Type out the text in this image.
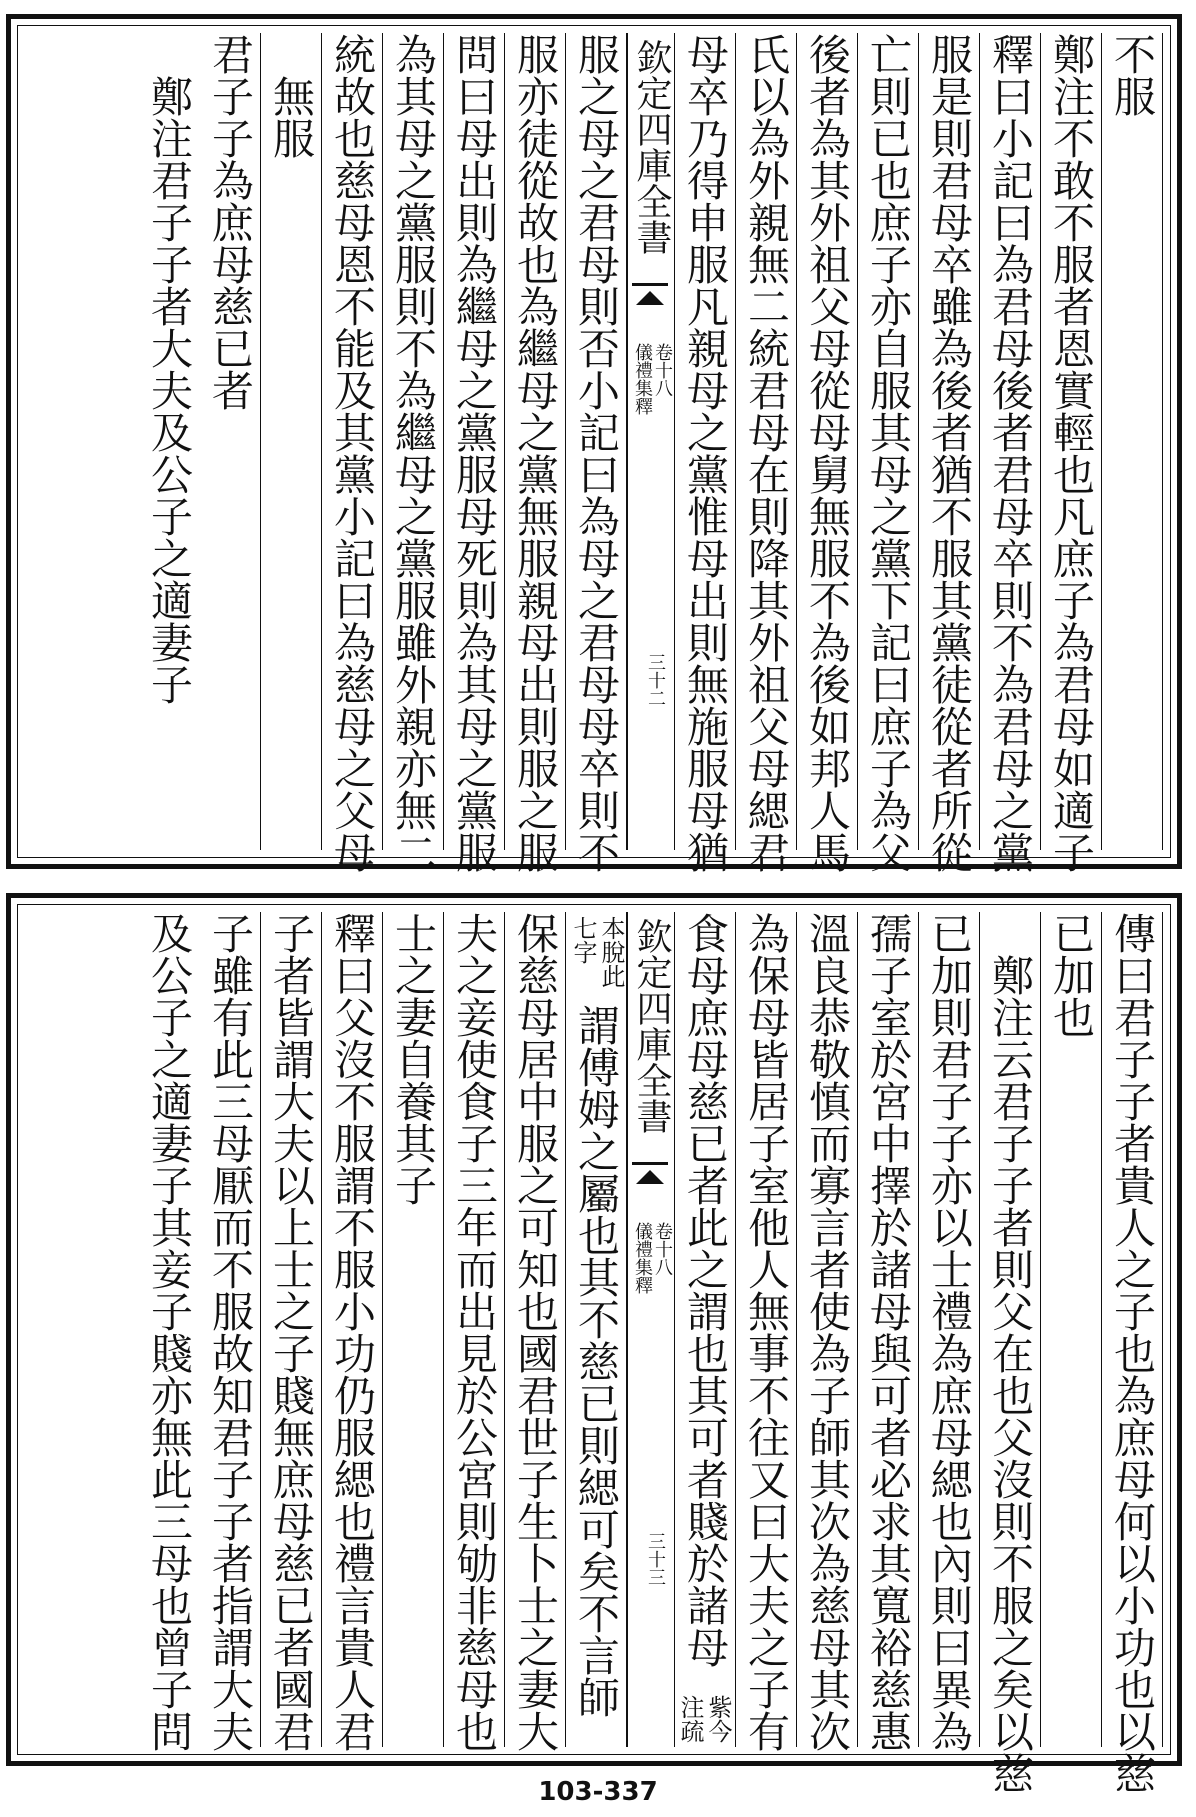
不服
鄭注不敢不服者恩實輕也凡庶子為君母如適子
釋曰小記曰為君母後者君母卒則不為君母之黨
服是則君母卒雖為後者猶不服其黨徒從者所從
亡則已也庶子亦自服其母之黨下記曰庶子為父
後者為其外祖父母從母舅無服不為後如邦人馬
氏以為外親無二統君母在則降其外祖父母緦君
母卒乃得申服凡親母之黨惟母出則無施服母猶
欽定四庫全書
儀禮集釋 卷十八
三十二
服之母之君母則否小記曰為母之君母母卒則不
服亦徒從故也為繼母之黨無服親母出則服之服
問曰母出則為繼母之黨服母死則為其母之黨服
為其母之黨服則不為繼母之黨服雖外親亦無二
統故也慈母恩不能及其黨小記曰為慈母之父母
無服
君子子為庶母慈已者
鄭注君子子者大夫及公子之適妻子
傳曰君子子者貴人之子也為庶母何以小功也以慈
已加也
鄭注云君子子者則父在也父沒則不服之矣以慈
已加則君子子亦以士禮為庶母緦也內則曰異為
孺子室於宮中擇於諸母與可者必求其寬裕慈惠
溫良恭敬慎而寡言者使為子師其次為慈母其次
為保母皆居子室他人無事不往又曰大夫之子有
食母庶母慈已者此之謂也其可者賤於諸母
紫今
注疏
欽定四庫全書
儀禮集釋 卷十八
三十三
本脫此
七字
謂傅姆之屬也其不慈已則緦可矣不言師
保慈母居中服之可知也國君世子生卜士之妻大
夫之妾使食子三年而出見於公宮則劬非慈母也
士之妻自養其子
釋曰父沒不服謂不服小功仍服緦也禮言貴人君
子者皆謂大夫以上士之子賤無庶母慈已者國君
子雖有此三母厭而不服故知君子子者指謂大夫
及公子之適妻子其妾子賤亦無此三母也曾子問
103-337
